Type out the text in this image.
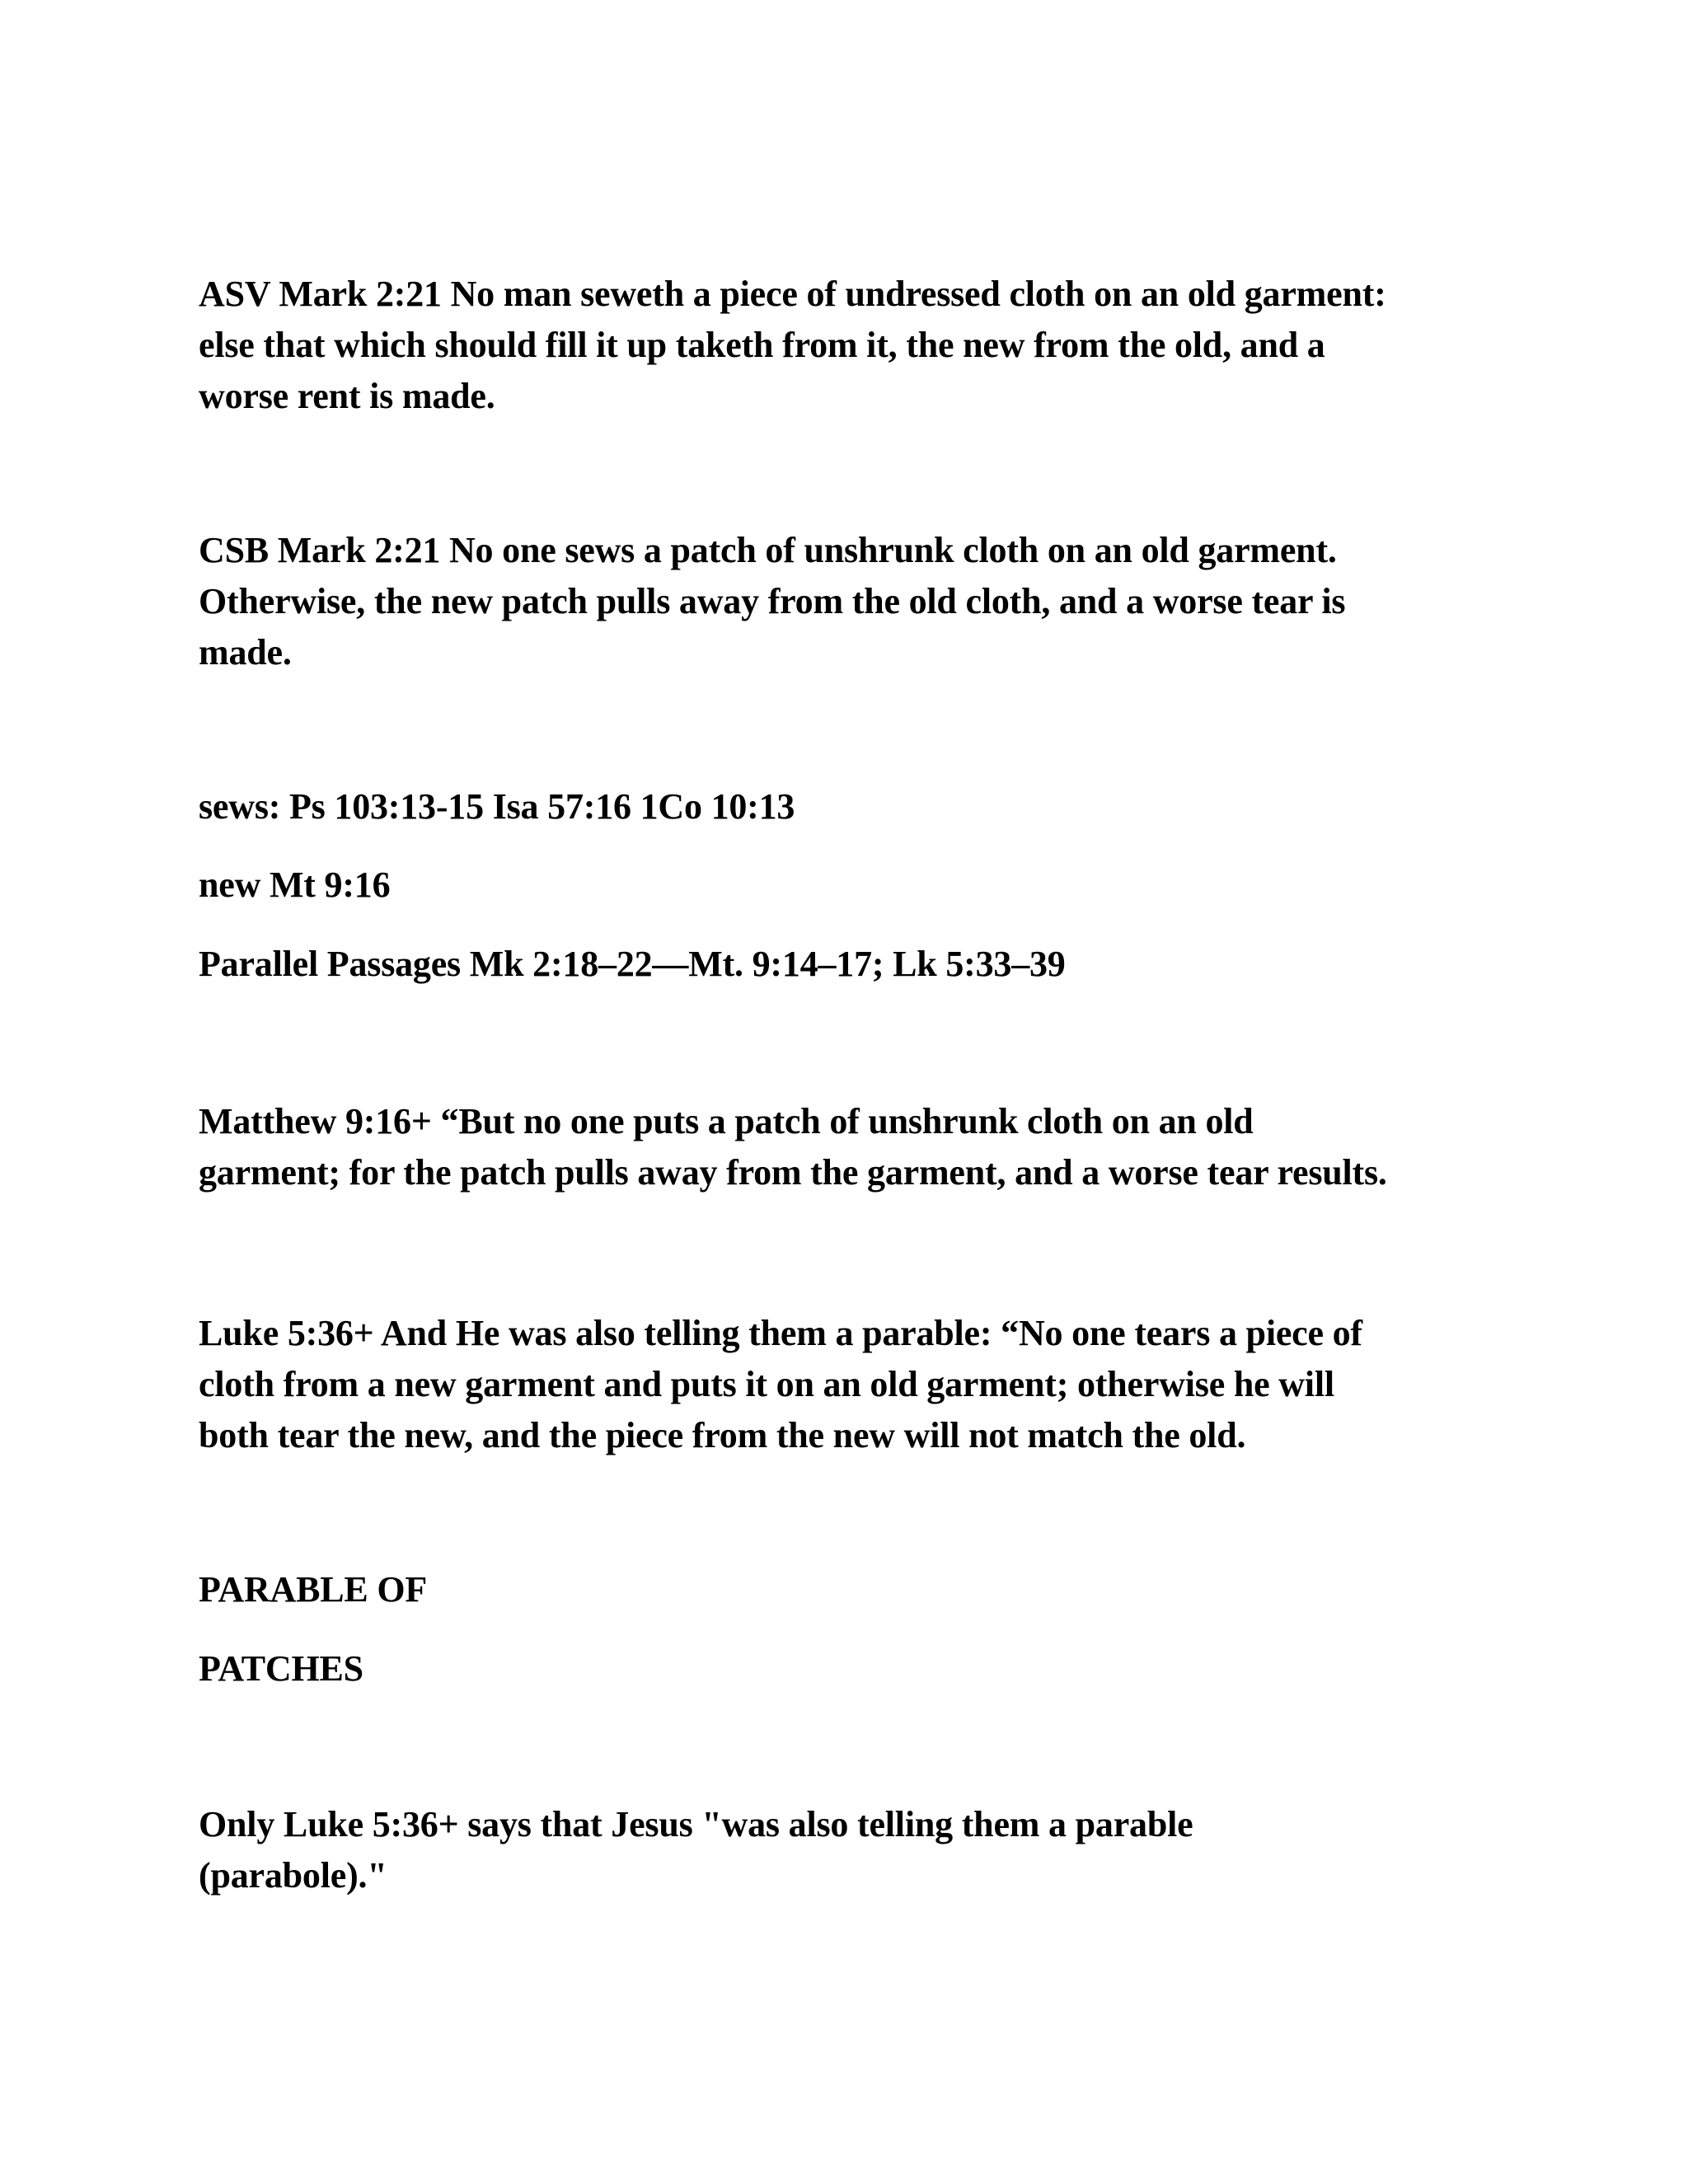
ASV Mark 2:21 No man seweth a piece of undressed cloth on an old garment:
else that which should fill it up taketh from it, the new from the old, and a
worse rent is made.

CSB Mark 2:21 No one sews a patch of unshrunk cloth on an old garment.
Otherwise, the new patch pulls away from the old cloth, and a worse tear is
made.

sews: Ps 103:13-15 Isa 57:16 1Co 10:13

new Mt 9:16

Parallel Passages Mk 2:18–22—Mt. 9:14–17; Lk 5:33–39

Matthew 9:16+ “But no one puts a patch of unshrunk cloth on an old
garment; for the patch pulls away from the garment, and a worse tear results.

Luke 5:36+ And He was also telling them a parable: “No one tears a piece of
cloth from a new garment and puts it on an old garment; otherwise he will
both tear the new, and the piece from the new will not match the old.

PARABLE OF

PATCHES

Only Luke 5:36+ says that Jesus "was also telling them a parable
(parabole)."
